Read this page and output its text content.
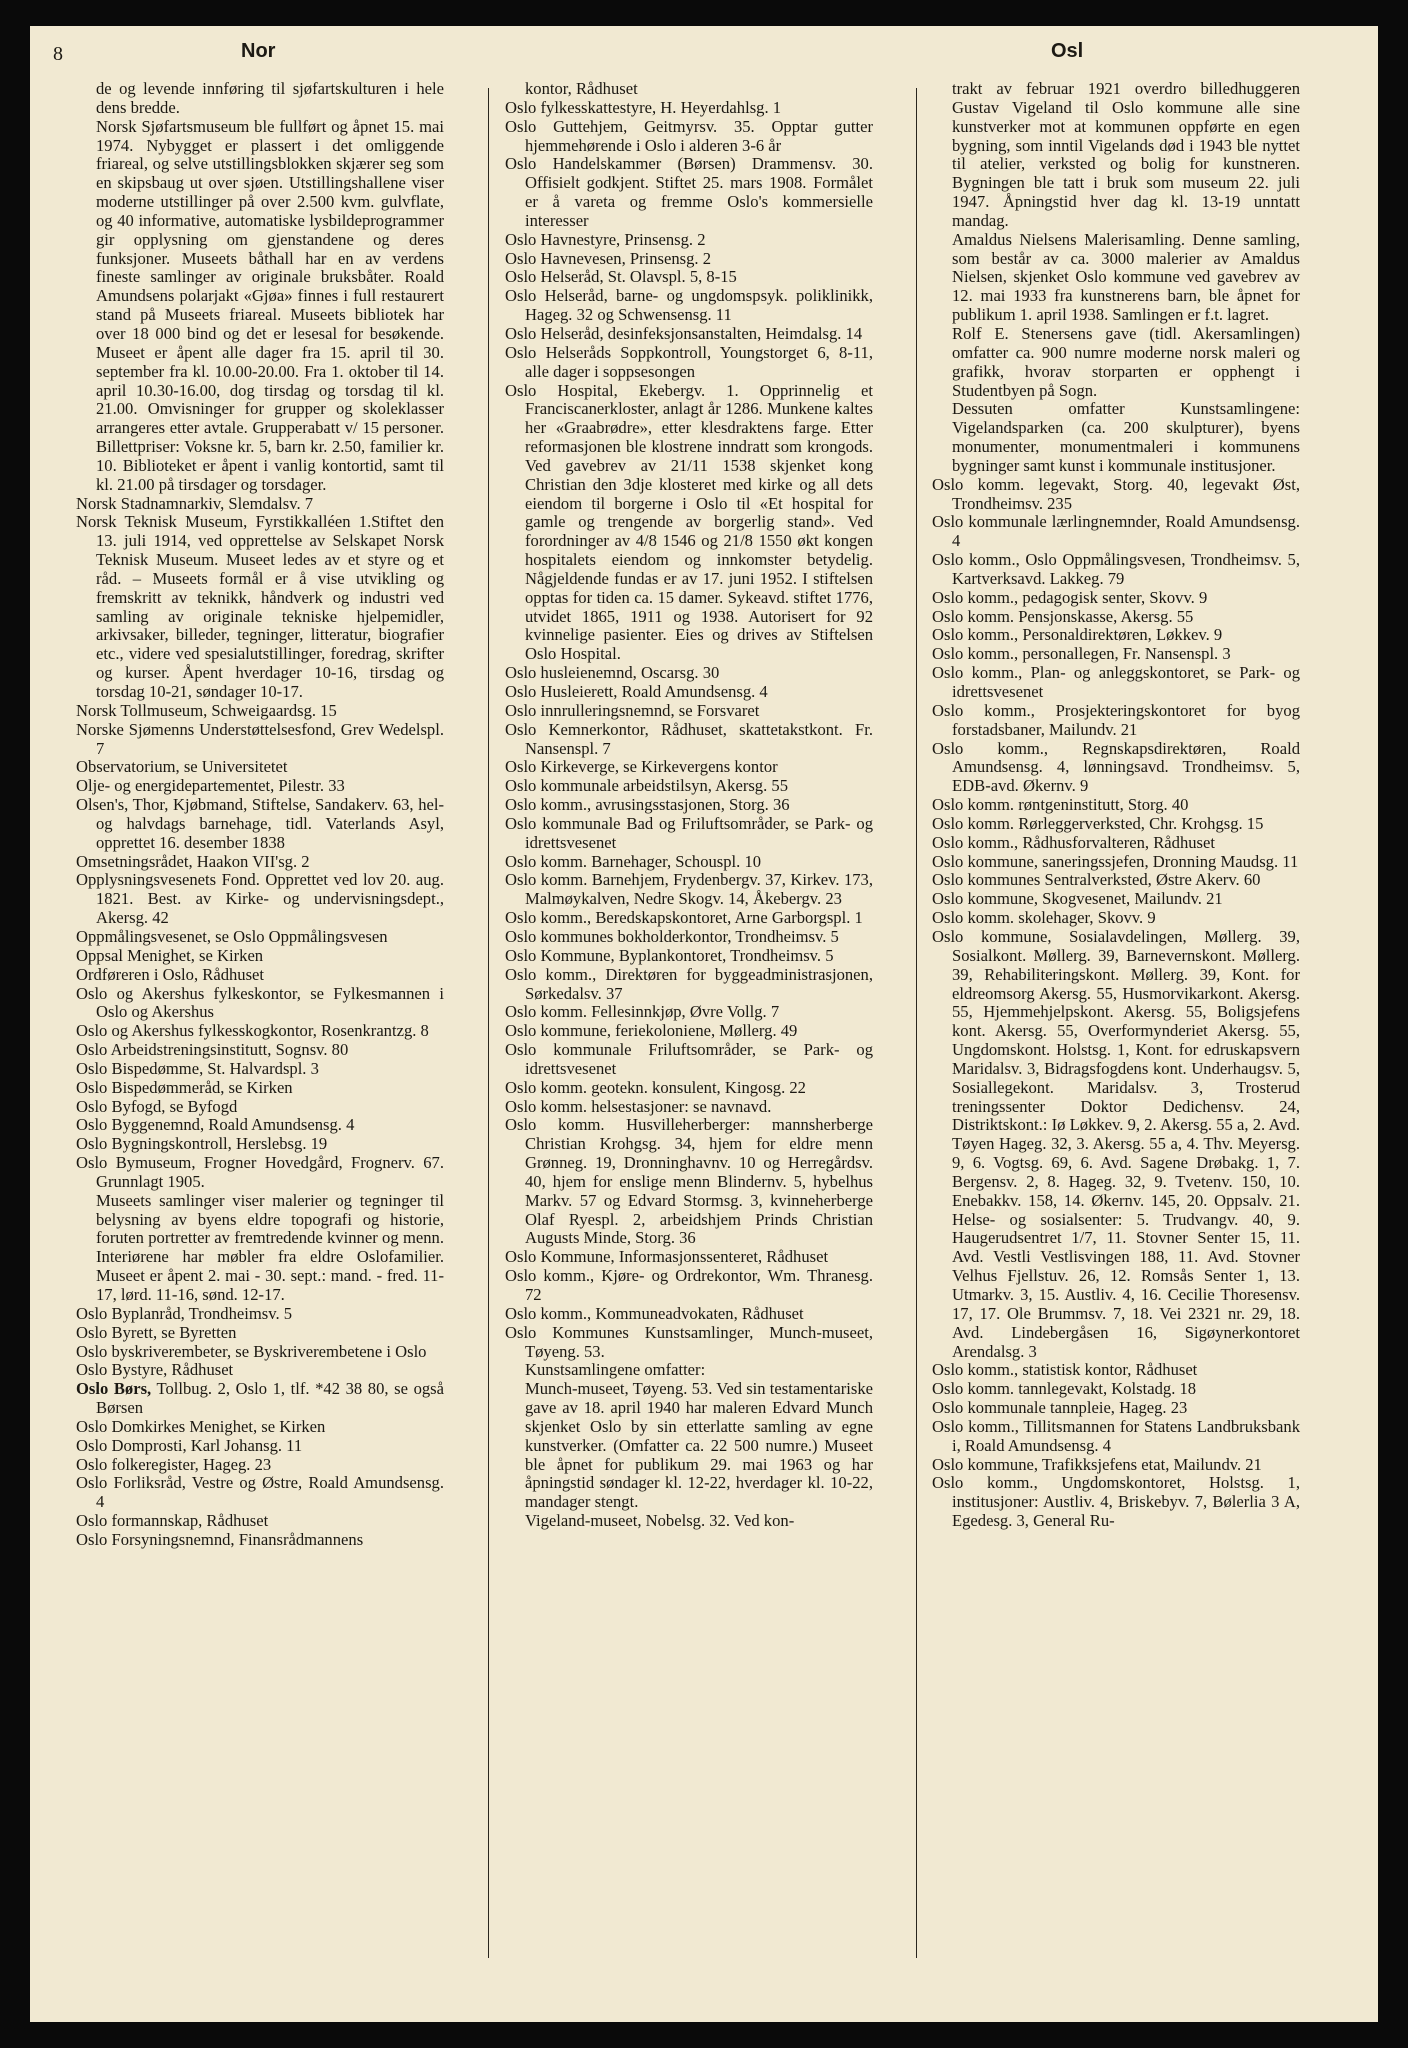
8	Nor	Osl

de og levende innføring til sjøfartskulturen i hele dens bredde.

Norsk Sjøfartsmuseum ble fullført og åpnet 15. mai 1974. Nybygget er plassert i det omliggende friareal, og selve utstillingsblokken skjærer seg som en skipsbaug ut over sjøen. Utstillingshallene viser moderne utstillinger på over 2.500 kvm. gulvflate, og 40 informative, automatiske lysbildeprogrammer gir opplysning om gjenstandene og deres funksjoner. Museets båthall har en av verdens fineste samlinger av originale bruksbåter. Roald Amundsens polarjakt «Gjøa» finnes i full restaurert stand på Museets friareal. Museets bibliotek har over 18 000 bind og det er lesesal for besøkende. Museet er åpent alle dager fra 15. april til 30. september fra kl. 10.00-20.00. Fra 1. oktober til 14. april 10.30-16.00, dog tirsdag og torsdag til kl. 21.00. Omvisninger for grupper og skoleklasser arrangeres etter avtale. Grupperabatt v/ 15 personer. Billettpriser: Voksne kr. 5, barn kr. 2.50, familier kr. 10. Biblioteket er åpent i vanlig kontortid, samt til kl. 21.00 på tirsdager og torsdager.

Norsk Stadnamnarkiv, Slemdalsv. 7

Norsk Teknisk Museum, Fyrstikkalléen 1.Stiftet den 13. juli 1914, ved opprettelse av Selskapet Norsk Teknisk Museum. Museet ledes av et styre og et råd. – Museets formål er å vise utvikling og fremskritt av teknikk, håndverk og industri ved samling av originale tekniske hjelpemidler, arkivsaker, billeder, tegninger, litteratur, biografier etc., videre ved spesialutstillinger, foredrag, skrifter og kurser. Åpent hverdager 10-16, tirsdag og torsdag 10-21, søndager 10-17.

Norsk Tollmuseum, Schweigaardsg. 15

Norske Sjømenns Understøttelsesfond, Grev Wedelspl. 7

Observatorium, se Universitetet

Olje- og energidepartementet, Pilestr. 33

Olsen's, Thor, Kjøbmand, Stiftelse, Sandakerv. 63, hel- og halvdags barnehage, tidl. Vaterlands Asyl, opprettet 16. desember 1838

Omsetningsrådet, Haakon VII'sg. 2

Opplysningsvesenets Fond. Opprettet ved lov 20. aug. 1821. Best. av Kirke- og undervisningsdept., Akersg. 42

Oppmålingsvesenet, se Oslo Oppmålingsvesen

Oppsal Menighet, se Kirken

Ordføreren i Oslo, Rådhuset

Oslo og Akershus fylkeskontor, se Fylkesmannen i Oslo og Akershus

Oslo og Akershus fylkesskogkontor, Rosenkrantzg. 8

Oslo Arbeidstreningsinstitutt, Sognsv. 80

Oslo Bispedømme, St. Halvardspl. 3

Oslo Bispedømmeråd, se Kirken

Oslo Byfogd, se Byfogd

Oslo Byggenemnd, Roald Amundsensg. 4

Oslo Bygningskontroll, Herslebsg. 19

Oslo Bymuseum, Frogner Hovedgård, Frognerv. 67. Grunnlagt 1905.

Museets samlinger viser malerier og tegninger til belysning av byens eldre topografi og historie, foruten portretter av fremtredende kvinner og menn. Interiørene har møbler fra eldre Oslofamilier. Museet er åpent 2. mai - 30. sept.: mand. - fred. 11-17, lørd. 11-16, sønd. 12-17.

Oslo Byplanråd, Trondheimsv. 5

Oslo Byrett, se Byretten

Oslo byskriverembeter, se Byskriverembetene i Oslo

Oslo Bystyre, Rådhuset

Oslo Børs, Tollbug. 2, Oslo 1, tlf. *42 38 80, se også Børsen

Oslo Domkirkes Menighet, se Kirken

Oslo Domprosti, Karl Johansg. 11

Oslo folkeregister, Hageg. 23

Oslo Forliksråd, Vestre og Østre, Roald Amundsensg. 4

Oslo formannskap, Rådhuset

Oslo Forsyningsnemnd, Finansrådmannens

kontor, Rådhuset

Oslo fylkesskattestyre, H. Heyerdahlsg. 1

Oslo Guttehjem, Geitmyrsv. 35. Opptar gutter hjemmehørende i Oslo i alderen 3-6 år

Oslo Handelskammer (Børsen) Drammensv. 30. Offisielt godkjent. Stiftet 25. mars 1908. Formålet er å vareta og fremme Oslo's kommersielle interesser

Oslo Havnestyre, Prinsensg. 2

Oslo Havnevesen, Prinsensg. 2

Oslo Helseråd, St. Olavspl. 5, 8-15

Oslo Helseråd, barne- og ungdomspsyk. poliklinikk, Hageg. 32 og Schwensensg. 11

Oslo Helseråd, desinfeksjonsanstalten, Heimdalsg. 14

Oslo Helseråds Soppkontroll, Youngstorget 6, 8-11, alle dager i soppsesongen

Oslo Hospital, Ekebergv. 1. Opprinnelig et Franciscanerkloster, anlagt år 1286. Munkene kaltes her «Graabrødre», etter klesdraktens farge. Etter reformasjonen ble klostrene inndratt som krongods. Ved gavebrev av 21/11 1538 skjenket kong Christian den 3dje klosteret med kirke og all dets eiendom til borgerne i Oslo til «Et hospital for gamle og trengende av borgerlig stand». Ved forordninger av 4/8 1546 og 21/8 1550 økt kongen hospitalets eiendom og innkomster betydelig. Någjeldende fundas er av 17. juni 1952. I stiftelsen opptas for tiden ca. 15 damer. Sykeavd. stiftet 1776, utvidet 1865, 1911 og 1938. Autorisert for 92 kvinnelige pasienter. Eies og drives av Stiftelsen Oslo Hospital.

Oslo husleienemnd, Oscarsg. 30

Oslo Husleierett, Roald Amundsensg. 4

Oslo innrulleringsnemnd, se Forsvaret

Oslo Kemnerkontor, Rådhuset, skattetakstkont. Fr. Nansenspl. 7

Oslo Kirkeverge, se Kirkevergens kontor

Oslo kommunale arbeidstilsyn, Akersg. 55

Oslo komm., avrusingsstasjonen, Storg. 36

Oslo kommunale Bad og Friluftsområder, se Park- og idrettsvesenet

Oslo komm. Barnehager, Schouspl. 10

Oslo komm. Barnehjem, Frydenbergv. 37, Kirkev. 173, Malmøykalven, Nedre Skogv. 14, Åkebergv. 23

Oslo komm., Beredskapskontoret, Arne Garborgspl. 1

Oslo kommunes bokholderkontor, Trondheimsv. 5

Oslo Kommune, Byplankontoret, Trondheimsv. 5

Oslo komm., Direktøren for byggeadministrasjonen, Sørkedalsv. 37

Oslo komm. Fellesinnkjøp, Øvre Vollg. 7

Oslo kommune, feriekoloniene, Møllerg. 49

Oslo kommunale Friluftsområder, se Park- og idrettsvesenet

Oslo komm. geotekn. konsulent, Kingosg. 22

Oslo komm. helsestasjoner: se navnavd.

Oslo komm. Husvilleherberger: mannsherberge Christian Krohgsg. 34, hjem for eldre menn Grønneg. 19, Dronninghavnv. 10 og Herregårdsv. 40, hjem for enslige menn Blindernv. 5, hybelhus Markv. 57 og Edvard Stormsg. 3, kvinneherberge Olaf Ryespl. 2, arbeidshjem Prinds Christian Augusts Minde, Storg. 36

Oslo Kommune, Informasjonssenteret, Rådhuset

Oslo komm., Kjøre- og Ordrekontor, Wm. Thranesg. 72

Oslo komm., Kommuneadvokaten, Rådhuset

Oslo Kommunes Kunstsamlinger, Munch-museet, Tøyeng. 53.

Kunstsamlingene omfatter:

Munch-museet, Tøyeng. 53. Ved sin testamentariske gave av 18. april 1940 har maleren Edvard Munch skjenket Oslo by sin etterlatte samling av egne kunstverker. (Omfatter ca. 22 500 numre.) Museet ble åpnet for publikum 29. mai 1963 og har åpningstid søndager kl. 12-22, hverdager kl. 10-22, mandager stengt.

Vigeland-museet, Nobelsg. 32. Ved kon-

trakt av februar 1921 overdro billedhuggeren Gustav Vigeland til Oslo kommune alle sine kunstverker mot at kommunen oppførte en egen bygning, som inntil Vigelands død i 1943 ble nyttet til atelier, verksted og bolig for kunstneren. Bygningen ble tatt i bruk som museum 22. juli 1947. Åpningstid hver dag kl. 13-19 unntatt mandag.

Amaldus Nielsens Malerisamling. Denne samling, som består av ca. 3000 malerier av Amaldus Nielsen, skjenket Oslo kommune ved gavebrev av 12. mai 1933 fra kunstnerens barn, ble åpnet for publikum 1. april 1938. Samlingen er f.t. lagret.

Rolf E. Stenersens gave (tidl. Akersamlingen) omfatter ca. 900 numre moderne norsk maleri og grafikk, hvorav storparten er opphengt i Studentbyen på Sogn.

Dessuten omfatter Kunstsamlingene: Vigelandsparken (ca. 200 skulpturer), byens monumenter, monumentmaleri i kommunens bygninger samt kunst i kommunale institusjoner.

Oslo komm. legevakt, Storg. 40, legevakt Øst, Trondheimsv. 235

Oslo kommunale lærlingnemnder, Roald Amundsensg. 4

Oslo komm., Oslo Oppmålingsvesen, Trondheimsv. 5, Kartverksavd. Lakkeg. 79

Oslo komm., pedagogisk senter, Skovv. 9

Oslo komm. Pensjonskasse, Akersg. 55

Oslo komm., Personaldirektøren, Løkkev. 9

Oslo komm., personallegen, Fr. Nansenspl. 3

Oslo komm., Plan- og anleggskontoret, se Park- og idrettsvesenet

Oslo komm., Prosjekteringskontoret for byog forstadsbaner, Mailundv. 21

Oslo komm., Regnskapsdirektøren, Roald Amundsensg. 4, lønningsavd. Trondheimsv. 5, EDB-avd. Økernv. 9

Oslo komm. røntgeninstitutt, Storg. 40

Oslo komm. Rørleggerverksted, Chr. Krohgsg. 15

Oslo komm., Rådhusforvalteren, Rådhuset

Oslo kommune, saneringssjefen, Dronning Maudsg. 11

Oslo kommunes Sentralverksted, Østre Akerv. 60

Oslo kommune, Skogvesenet, Mailundv. 21

Oslo komm. skolehager, Skovv. 9

Oslo kommune, Sosialavdelingen, Møllerg. 39, Sosialkont. Møllerg. 39, Barnevernskont. Møllerg. 39, Rehabiliteringskont. Møllerg. 39, Kont. for eldreomsorg Akersg. 55, Husmorvikarkont. Akersg. 55, Hjemmehjelpskont. Akersg. 55, Boligsjefens kont. Akersg. 55, Overformynderiet Akersg. 55, Ungdomskont. Holstsg. 1, Kont. for edruskapsvern Maridalsv. 3, Bidragsfogdens kont. Underhaugsv. 5, Sosiallegekont. Maridalsv. 3, Trosterud treningssenter Doktor Dedichensv. 24, Distriktskont.: Iø Løkkev. 9, 2. Akersg. 55 a, 2. Avd. Tøyen Hageg. 32, 3. Akersg. 55 a, 4. Thv. Meyersg. 9, 6. Vogtsg. 69, 6. Avd. Sagene Drøbakg. 1, 7. Bergensv. 2, 8. Hageg. 32, 9. Tvetenv. 150, 10. Enebakkv. 158, 14. Økernv. 145, 20. Oppsalv. 21. Helse- og sosialsenter: 5. Trudvangv. 40, 9. Haugerudsentret 1/7, 11. Stovner Senter 15, 11. Avd. Vestli Vestlisvingen 188, 11. Avd. Stovner Velhus Fjellstuv. 26, 12. Romsås Senter 1, 13. Utmarkv. 3, 15. Austliv. 4, 16. Cecilie Thoresensv. 17, 17. Ole Brummsv. 7, 18. Vei 2321 nr. 29, 18. Avd. Lindebergåsen 16, Sigøynerkontoret Arendalsg. 3

Oslo komm., statistisk kontor, Rådhuset

Oslo komm. tannlegevakt, Kolstadg. 18

Oslo kommunale tannpleie, Hageg. 23

Oslo komm., Tillitsmannen for Statens Landbruksbank i, Roald Amundsensg. 4

Oslo kommune, Trafikksjefens etat, Mailundv. 21

Oslo komm., Ungdomskontoret, Holstsg. 1, institusjoner: Austliv. 4, Briskebyv. 7, Bølerlia 3 A, Egedesg. 3, General Ru-
